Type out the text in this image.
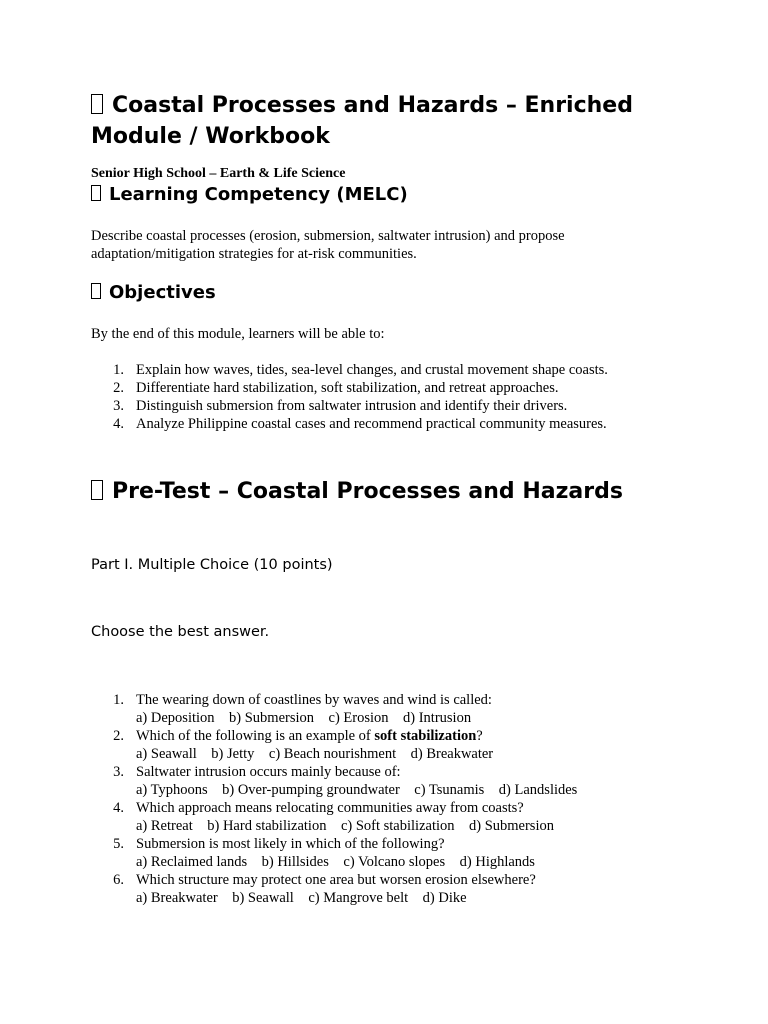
Coastal Processes and Hazards – Enriched Module / Workbook

Senior High School – Earth & Life Science

Learning Competency (MELC)

Describe coastal processes (erosion, submersion, saltwater intrusion) and propose adaptation/mitigation strategies for at-risk communities.

Objectives

By the end of this module, learners will be able to:

1. Explain how waves, tides, sea-level changes, and crustal movement shape coasts.
2. Differentiate hard stabilization, soft stabilization, and retreat approaches.
3. Distinguish submersion from saltwater intrusion and identify their drivers.
4. Analyze Philippine coastal cases and recommend practical community measures.
Pre-Test – Coastal Processes and Hazards

Part I. Multiple Choice (10 points)

Choose the best answer.

1. The wearing down of coastlines by waves and wind is called:
a) Deposition    b) Submersion    c) Erosion    d) Intrusion
2. Which of the following is an example of soft stabilization?
a) Seawall    b) Jetty    c) Beach nourishment    d) Breakwater
3. Saltwater intrusion occurs mainly because of:
a) Typhoons    b) Over-pumping groundwater    c) Tsunamis    d) Landslides
4. Which approach means relocating communities away from coasts?
a) Retreat    b) Hard stabilization    c) Soft stabilization    d) Submersion
5. Submersion is most likely in which of the following?
a) Reclaimed lands    b) Hillsides    c) Volcano slopes    d) Highlands
6. Which structure may protect one area but worsen erosion elsewhere?
a) Breakwater    b) Seawall    c) Mangrove belt    d) Dike
